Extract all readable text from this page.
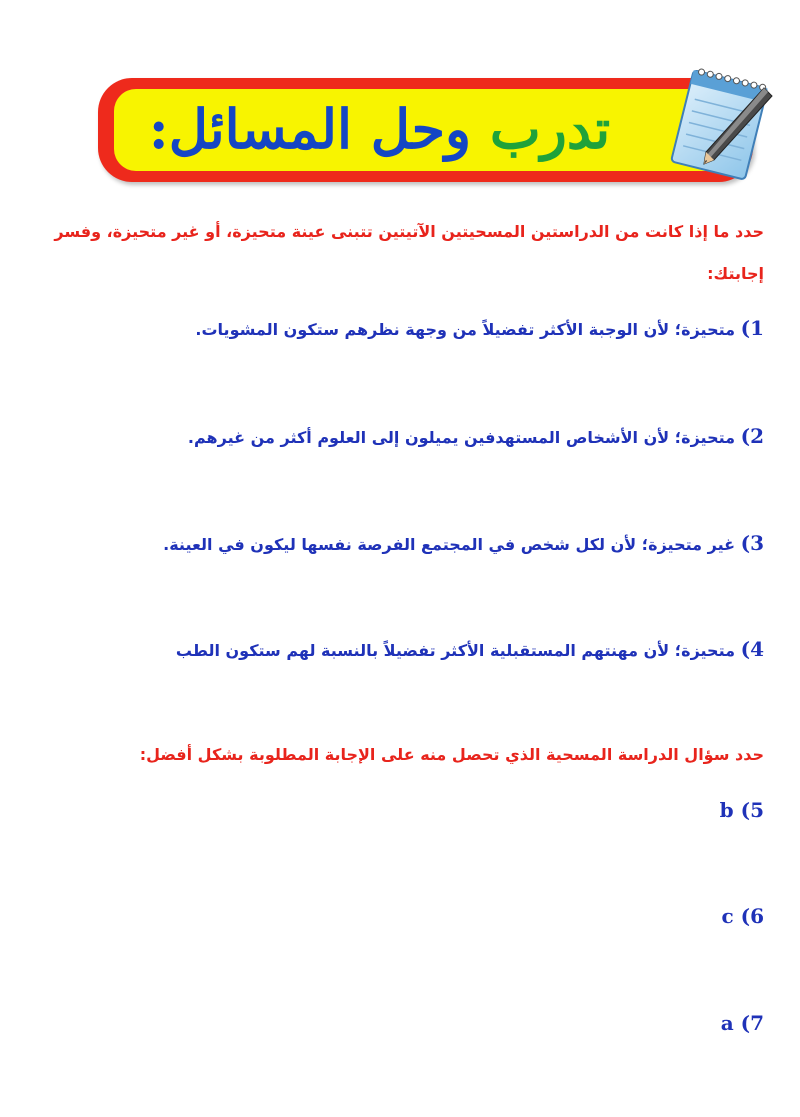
تدرب وحل المسائل:
حدد ما إذا كانت من الدراستين المسحيتين الآتيتين تتبنى عينة متحيزة، أو غير متحيزة، وفسر
إجابتك:
1) متحيزة؛ لأن الوجبة الأكثر تفضيلاً من وجهة نظرهم ستكون المشويات.
2) متحيزة؛ لأن الأشخاص المستهدفين يميلون إلى العلوم أكثر من غيرهم.
3) غير متحيزة؛ لأن لكل شخص في المجتمع الفرصة نفسها ليكون في العينة.
4) متحيزة؛ لأن مهنتهم المستقبلية الأكثر تفضيلاً بالنسبة لهم ستكون الطب
حدد سؤال الدراسة المسحية الذي تحصل منه على الإجابة المطلوبة بشكل أفضل:
b (5
c (6
a (7
